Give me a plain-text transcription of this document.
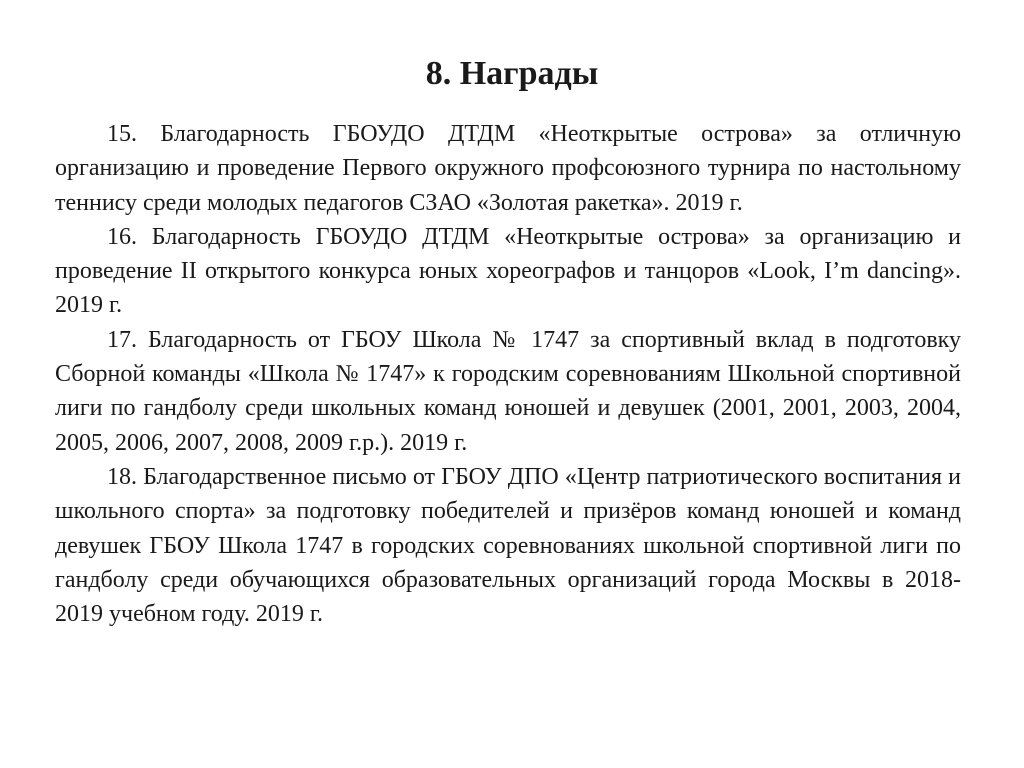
8. Награды

15. Благодарность ГБОУДО ДТДМ «Неоткрытые острова» за отличную организацию и проведение Первого окружного профсоюзного турнира по настольному теннису среди молодых педагогов СЗАО «Золотая ракетка». 2019 г.

16. Благодарность ГБОУДО ДТДМ «Неоткрытые острова» за организацию и проведение II открытого конкурса юных хореографов и танцоров «Look, I’m dancing». 2019 г.

17. Благодарность от ГБОУ Школа № 1747 за спортивный вклад в подготовку Сборной команды «Школа № 1747» к городским соревнованиям Школьной спортивной лиги по гандболу среди школьных команд юношей и девушек (2001, 2001, 2003, 2004, 2005, 2006, 2007, 2008, 2009 г.р.). 2019 г.

18. Благодарственное письмо от ГБОУ ДПО «Центр патриотического воспитания и школьного спорта» за подготовку победителей и призёров команд юношей и команд девушек ГБОУ Школа 1747 в городских соревнованиях школьной спортивной лиги по гандболу среди обучающихся образовательных организаций города Москвы в 2018-2019 учебном году. 2019 г.
